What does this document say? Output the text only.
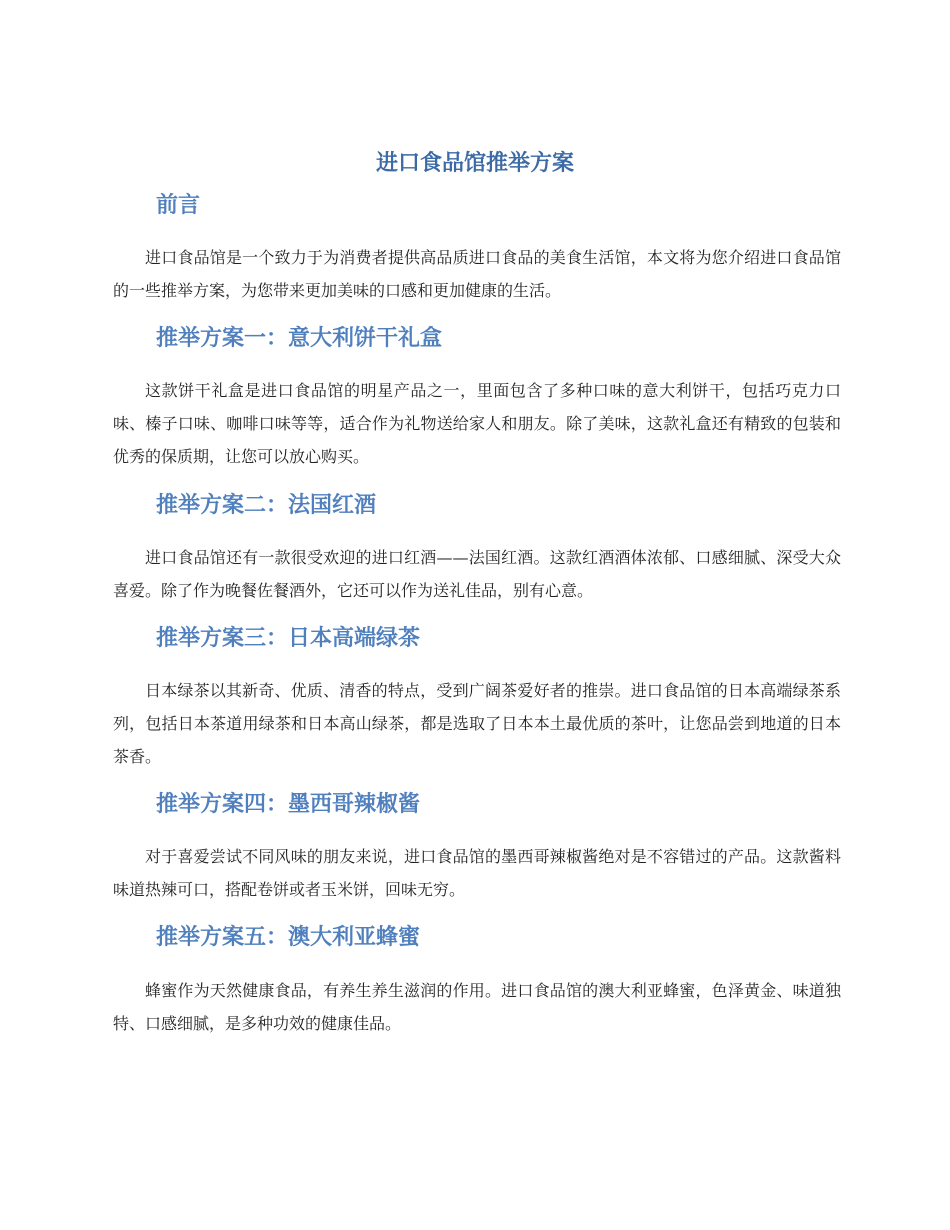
进口食品馆推举方案
前言

进口食品馆是一个致力于为消费者提供高品质进口食品的美食生活馆，本文将为您介绍进口食品馆的一些推举方案，为您带来更加美味的口感和更加健康的生活。

推举方案一：意大利饼干礼盒

这款饼干礼盒是进口食品馆的明星产品之一，里面包含了多种口味的意大利饼干，包括巧克力口味、榛子口味、咖啡口味等等，适合作为礼物送给家人和朋友。除了美味，这款礼盒还有精致的包装和优秀的保质期，让您可以放心购买。

推举方案二：法国红酒

进口食品馆还有一款很受欢迎的进口红酒——法国红酒。这款红酒酒体浓郁、口感细腻、深受大众喜爱。除了作为晚餐佐餐酒外，它还可以作为送礼佳品，别有心意。

推举方案三：日本高端绿茶

日本绿茶以其新奇、优质、清香的特点，受到广阔茶爱好者的推崇。进口食品馆的日本高端绿茶系列，包括日本茶道用绿茶和日本高山绿茶，都是选取了日本本土最优质的茶叶，让您品尝到地道的日本茶香。

推举方案四：墨西哥辣椒酱

对于喜爱尝试不同风味的朋友来说，进口食品馆的墨西哥辣椒酱绝对是不容错过的产品。这款酱料味道热辣可口，搭配卷饼或者玉米饼，回味无穷。

推举方案五：澳大利亚蜂蜜

蜂蜜作为天然健康食品，有养生养生滋润的作用。进口食品馆的澳大利亚蜂蜜，色泽黄金、味道独特、口感细腻，是多种功效的健康佳品。
